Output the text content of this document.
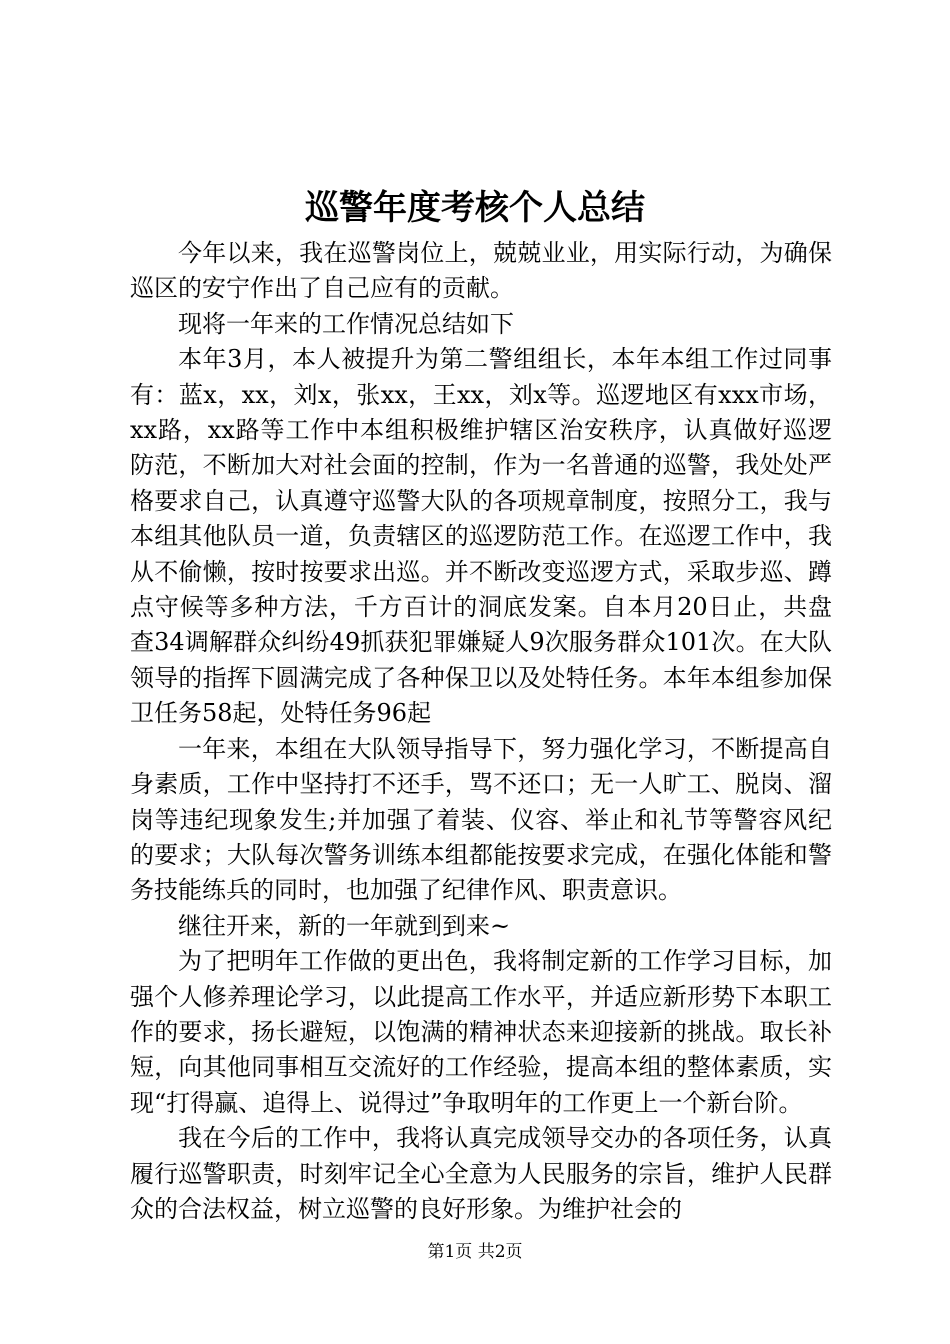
巡警年度考核个人总结

今年以来，我在巡警岗位上，兢兢业业，用实际行动，为确保巡区的安宁作出了自己应有的贡献。

现将一年来的工作情况总结如下

本年3月，本人被提升为第二警组组长，本年本组工作过同事有：蓝x，xx，刘x，张xx，王xx，刘x等。巡逻地区有xxx市场，xx路，xx路等工作中本组积极维护辖区治安秩序，认真做好巡逻防范，不断加大对社会面的控制，作为一名普通的巡警，我处处严格要求自己，认真遵守巡警大队的各项规章制度，按照分工，我与本组其他队员一道，负责辖区的巡逻防范工作。在巡逻工作中，我从不偷懒，按时按要求出巡。并不断改变巡逻方式，采取步巡、蹲点守候等多种方法，千方百计的洞底发案。自本月20日止，共盘查34调解群众纠纷49抓获犯罪嫌疑人9次服务群众101次。在大队领导的指挥下圆满完成了各种保卫以及处特任务。本年本组参加保卫任务58起，处特任务96起

一年来，本组在大队领导指导下，努力强化学习，不断提高自身素质，工作中坚持打不还手，骂不还口；无一人旷工、脱岗、溜岗等违纪现象发生;并加强了着装、仪容、举止和礼节等警容风纪的要求；大队每次警务训练本组都能按要求完成，在强化体能和警务技能练兵的同时，也加强了纪律作风、职责意识。

继往开来，新的一年就到到来~

为了把明年工作做的更出色，我将制定新的工作学习目标，加强个人修养理论学习，以此提高工作水平，并适应新形势下本职工作的要求，扬长避短，以饱满的精神状态来迎接新的挑战。取长补短，向其他同事相互交流好的工作经验，提高本组的整体素质，实现“打得赢、追得上、说得过”争取明年的工作更上一个新台阶。

我在今后的工作中，我将认真完成领导交办的各项任务，认真履行巡警职责，时刻牢记全心全意为人民服务的宗旨，维护人民群众的合法权益，树立巡警的良好形象。为维护社会的

第1页 共2页
